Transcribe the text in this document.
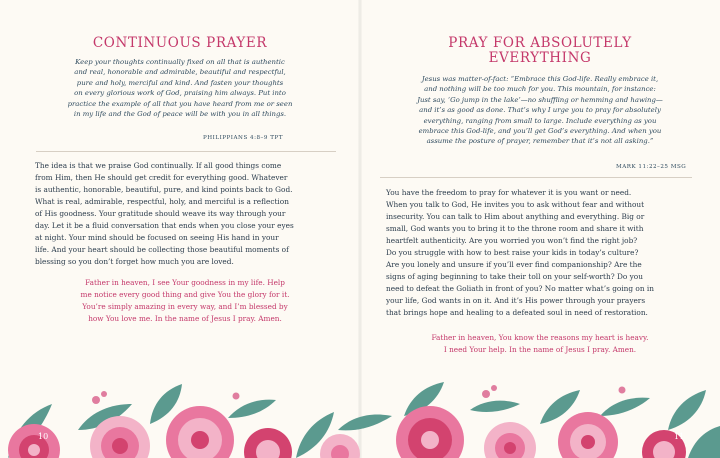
CONTINUOUS PRAYER
Keep your thoughts continually fixed on all that is authentic
and real, honorable and admirable, beautiful and respectful,
pure and holy, merciful and kind. And fasten your thoughts
on every glorious work of God, praising him always. Put into
practice the example of all that you have heard from me or seen
in my life and the God of peace will be with you in all things.
PHILIPPIANS 4:8–9 TPT
The idea is that we praise God continually. If all good things come
from Him, then He should get credit for everything good. Whatever
is authentic, honorable, beautiful, pure, and kind points back to God.
What is real, admirable, respectful, holy, and merciful is a reflection
of His goodness. Your gratitude should weave its way through your
day. Let it be a fluid conversation that ends when you close your eyes
at night. Your mind should be focused on seeing His hand in your
life. And your heart should be collecting those beautiful moments of
blessing so you don’t forget how much you are loved.
Father in heaven, I see Your goodness in my life. Help
me notice every good thing and give You the glory for it.
You’re simply amazing in every way, and I’m blessed by
how You love me. In the name of Jesus I pray. Amen.
PRAY FOR ABSOLUTELY
EVERYTHING
Jesus was matter-of-fact: “Embrace this God-life. Really embrace it,
and nothing will be too much for you. This mountain, for instance:
Just say, ‘Go jump in the lake’—no shuffling or hemming and hawing—
and it’s as good as done. That’s why I urge you to pray for absolutely
everything, ranging from small to large. Include everything as you
embrace this God-life, and you’ll get God’s everything. And when you
assume the posture of prayer, remember that it’s not all asking.”
MARK 11:22–25 MSG
You have the freedom to pray for whatever it is you want or need.
When you talk to God, He invites you to ask without fear and without
insecurity. You can talk to Him about anything and everything. Big or
small, God wants you to bring it to the throne room and share it with
heartfelt authenticity. Are you worried you won’t find the right job?
Do you struggle with how to best raise your kids in today’s culture?
Are you lonely and unsure if you’ll ever find companionship? Are the
signs of aging beginning to take their toll on your self-worth? Do you
need to defeat the Goliath in front of you? No matter what’s going on in
your life, God wants in on it. And it’s His power through your prayers
that brings hope and healing to a defeated soul in need of restoration.
Father in heaven, You know the reasons my heart is heavy.
I need Your help. In the name of Jesus I pray. Amen.
10	11
